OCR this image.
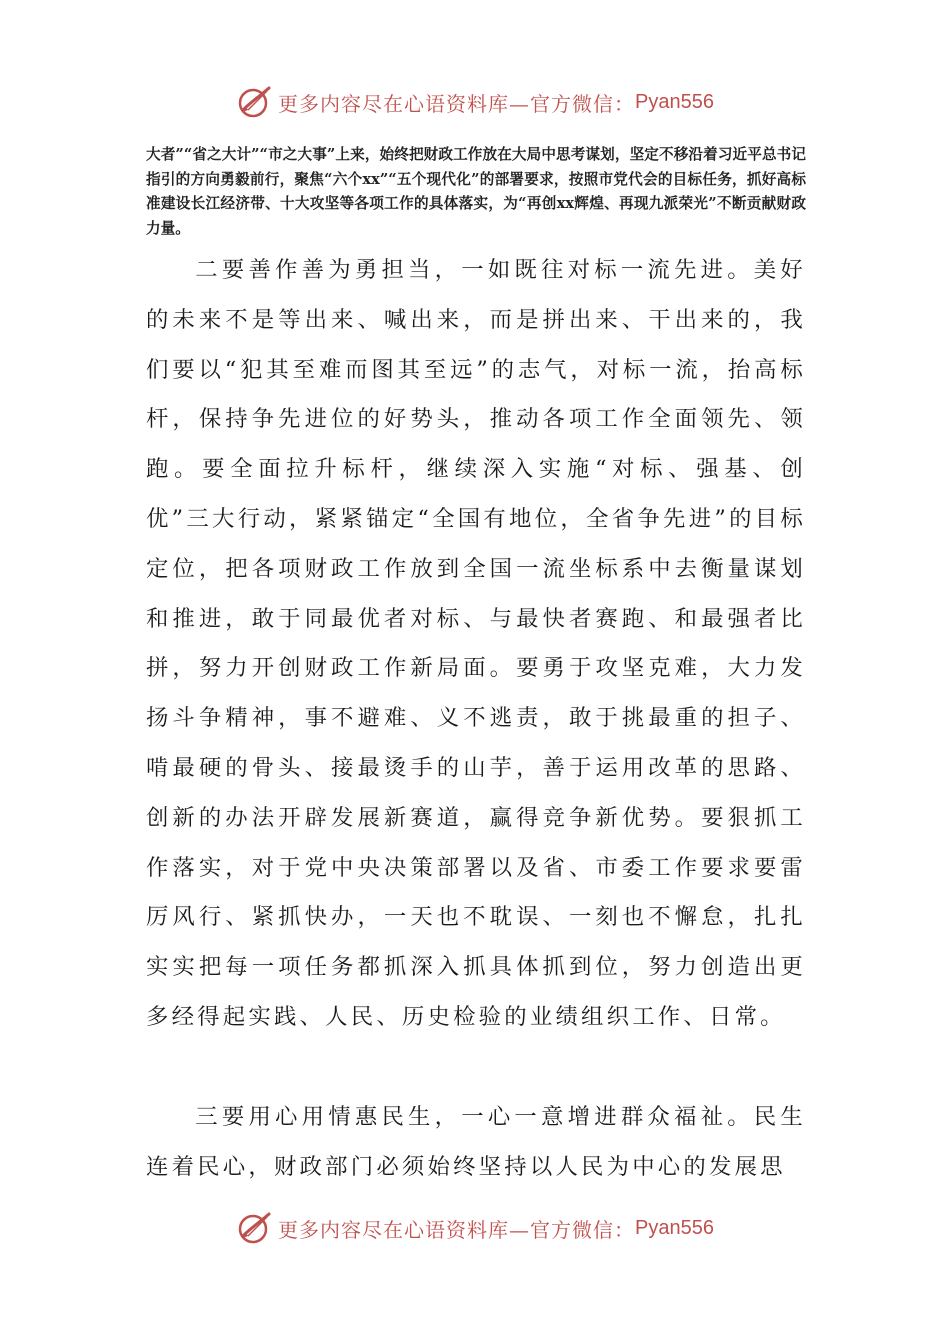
更多内容尽在心语资料库—官方微信： Pyan556

大者”“省之大计”“市之大事”上来，始终把财政工作放在大局中思考谋划，坚定不移沿着习近平总书记指引的方向勇毅前行，聚焦“六个xx”“五个现代化”的部署要求，按照市党代会的目标任务，抓好高标准建设长江经济带、十大攻坚等各项工作的具体落实，为“再创xx辉煌、再现九派荣光”不断贡献财政力量。

二要善作善为勇担当，一如既往对标一流先进。美好的未来不是等出来、喊出来，而是拼出来、干出来的，我们要以“犯其至难而图其至远”的志气，对标一流，抬高标杆，保持争先进位的好势头，推动各项工作全面领先、领跑。要全面拉升标杆，继续深入实施“对标、强基、创优”三大行动，紧紧锚定“全国有地位，全省争先进”的目标定位，把各项财政工作放到全国一流坐标系中去衡量谋划和推进，敢于同最优者对标、与最快者赛跑、和最强者比拼，努力开创财政工作新局面。要勇于攻坚克难，大力发扬斗争精神，事不避难、义不逃责，敢于挑最重的担子、啃最硬的骨头、接最烫手的山芋，善于运用改革的思路、创新的办法开辟发展新赛道，赢得竞争新优势。要狠抓工作落实，对于党中央决策部署以及省、市委工作要求要雷厉风行、紧抓快办，一天也不耽误、一刻也不懈怠，扎扎实实把每一项任务都抓深入抓具体抓到位，努力创造出更多经得起实践、人民、历史检验的业绩组织工作、日常。

三要用心用情惠民生，一心一意增进群众福祉。民生连着民心，财政部门必须始终坚持以人民为中心的发展思

更多内容尽在心语资料库—官方微信： Pyan556
